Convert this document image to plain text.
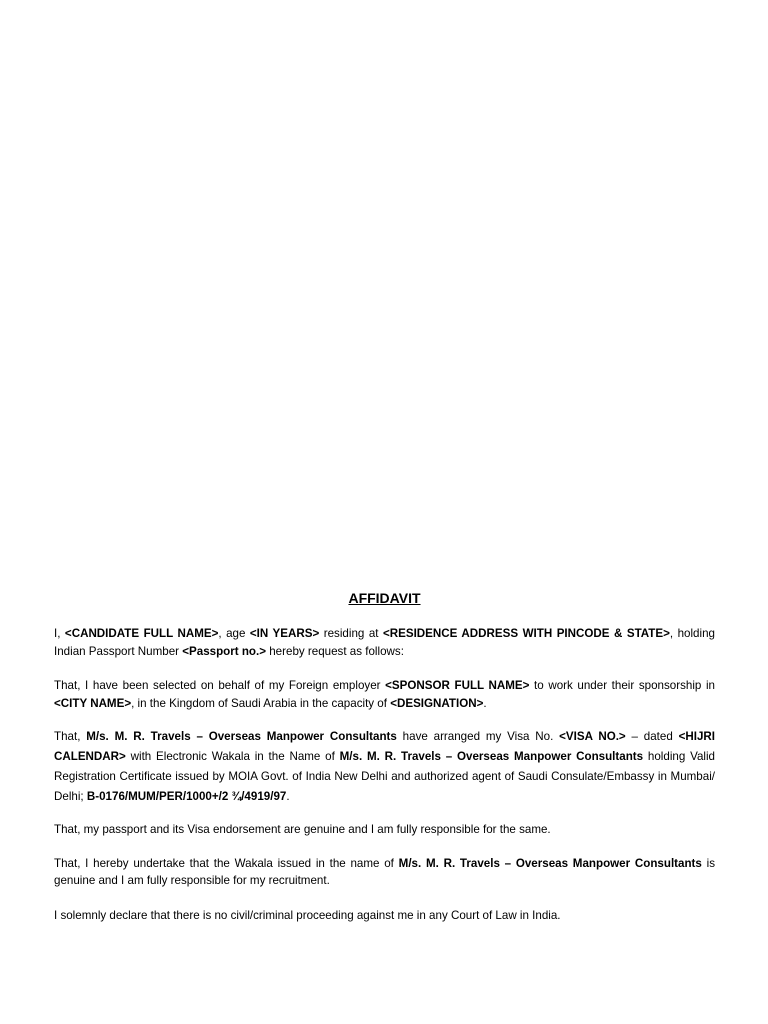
AFFIDAVIT

I, <CANDIDATE FULL NAME>, age <IN YEARS> residing at <RESIDENCE ADDRESS WITH PINCODE & STATE>, holding Indian Passport Number <Passport no.> hereby request as follows:

That, I have been selected on behalf of my Foreign employer <SPONSOR FULL NAME> to work under their sponsorship in <CITY NAME>, in the Kingdom of Saudi Arabia in the capacity of <DESIGNATION>.

That, M/s. M. R. Travels – Overseas Manpower Consultants have arranged my Visa No. <VISA NO.> – dated <HIJRI CALENDAR> with Electronic Wakala in the Name of M/s. M. R. Travels – Overseas Manpower Consultants holding Valid Registration Certificate issued by MOIA Govt. of India New Delhi and authorized agent of Saudi Consulate/Embassy in Mumbai/ Delhi; B-0176/MUM/PER/1000+/2 ¾/4919/97.

That, my passport and its Visa endorsement are genuine and I am fully responsible for the same.

That, I hereby undertake that the Wakala issued in the name of M/s. M. R. Travels – Overseas Manpower Consultants is genuine and I am fully responsible for my recruitment.

I solemnly declare that there is no civil/criminal proceeding against me in any Court of Law in India.
